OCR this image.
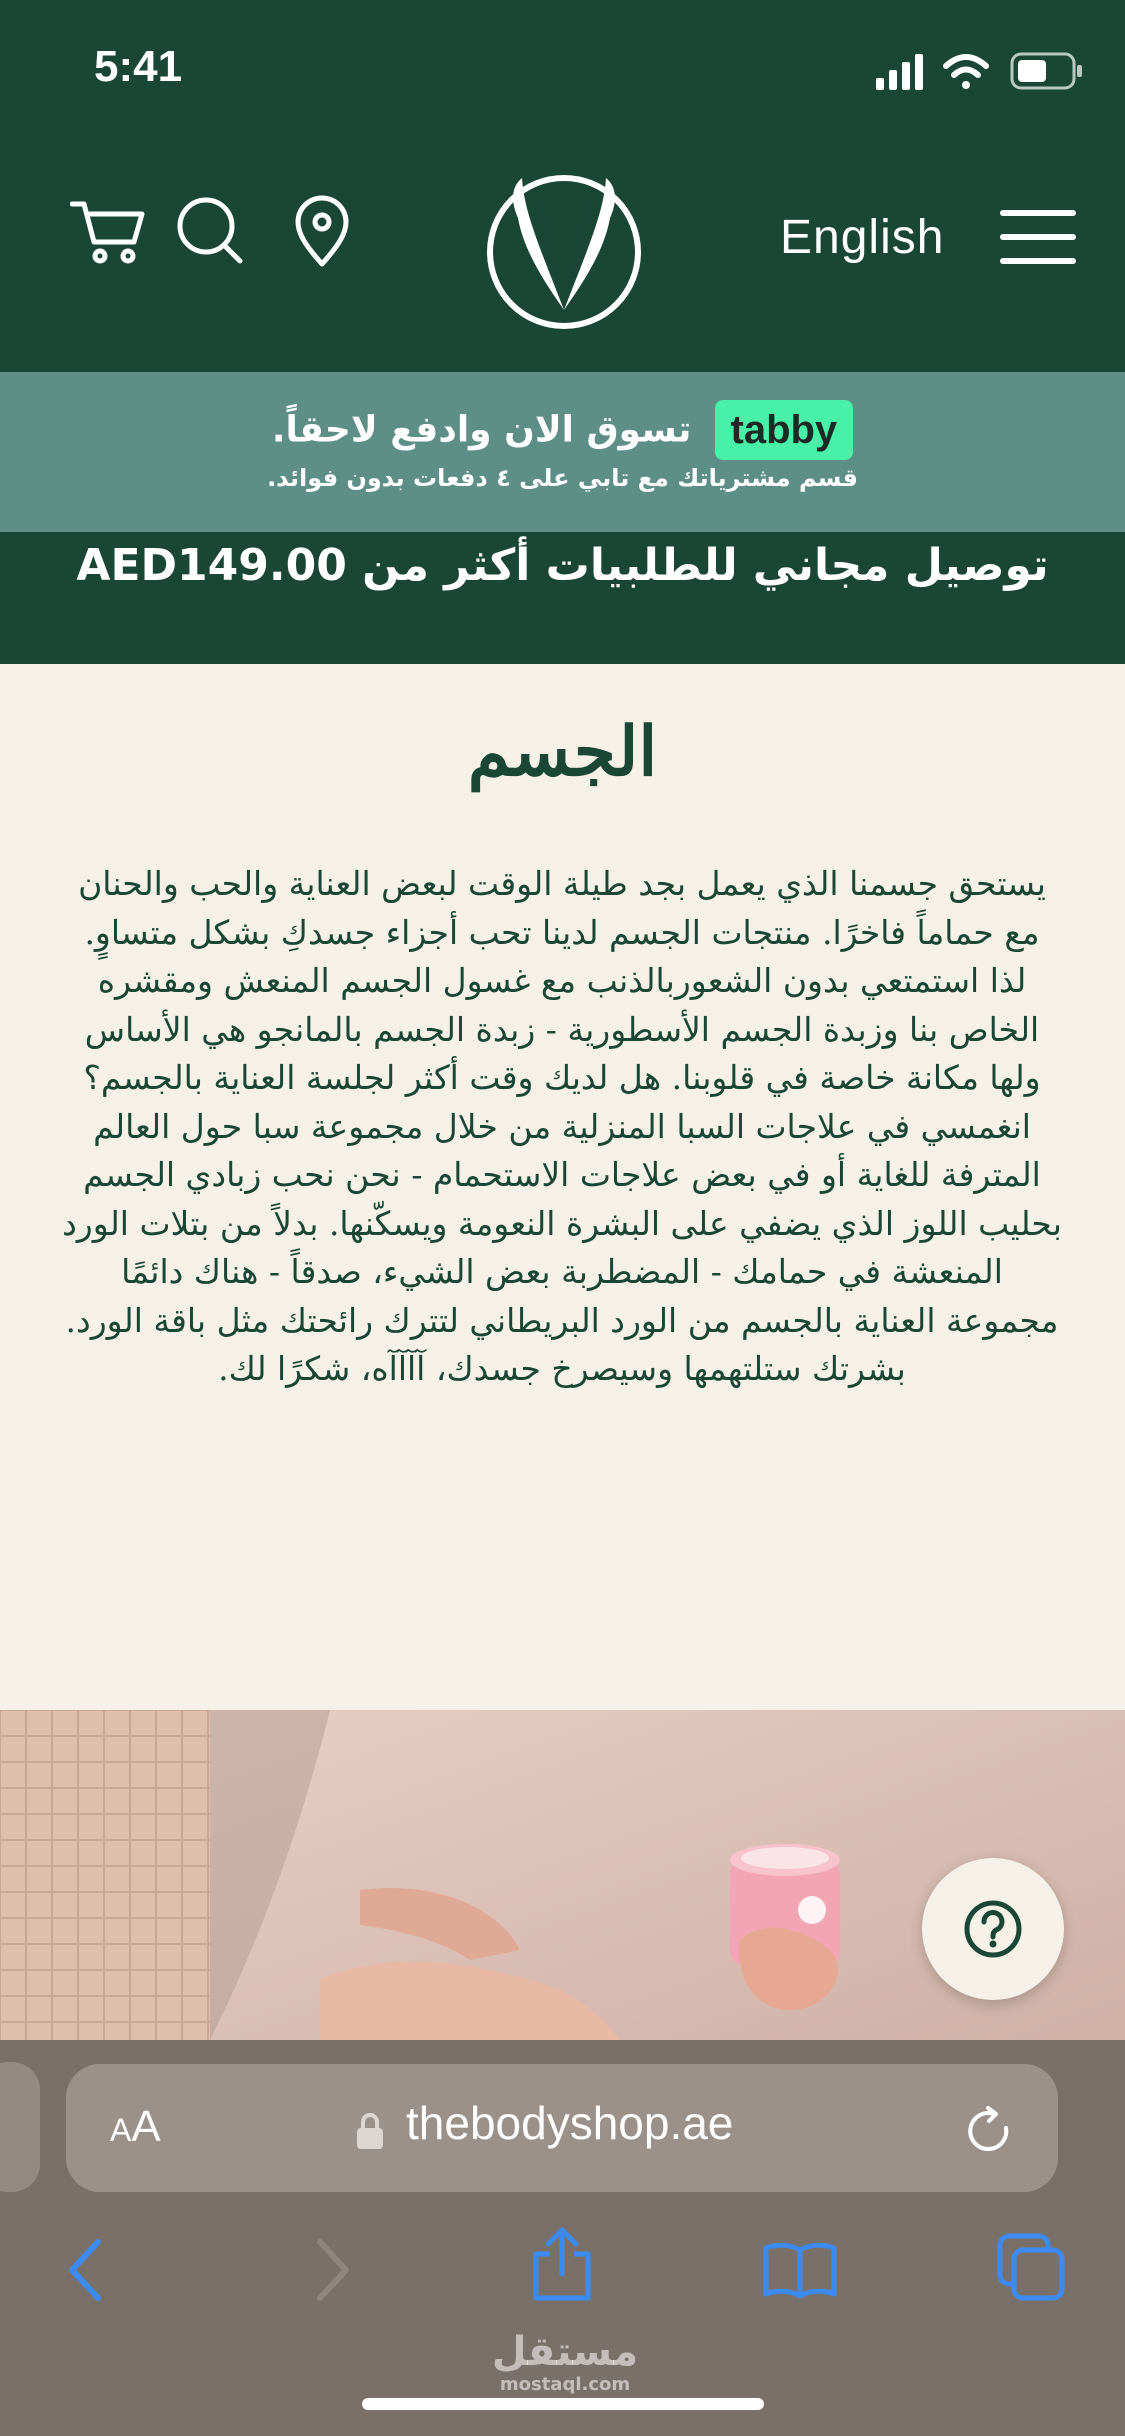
5:41
English
tabby تسوق الان وادفع لاحقاً.
قسم مشترياتك مع تابي على ٤ دفعات بدون فوائد.
توصيل مجاني للطلبيات أكثر من AED149.00
الجسم
يستحق جسمنا الذي يعمل بجد طيلة الوقت لبعض العناية والحب والحنان مع حماماً فاخرًا. منتجات الجسم لدينا تحب أجزاء جسدكِ بشكل متساوٍ. لذا استمتعي بدون الشعوربالذنب مع غسول الجسم المنعش ومقشره الخاص بنا وزبدة الجسم الأسطورية - زبدة الجسم بالمانجو هي الأساس ولها مكانة خاصة في قلوبنا. هل لديك وقت أكثر لجلسة العناية بالجسم؟ انغمسي في علاجات السبا المنزلية من خلال مجموعة سبا حول العالم المترفة للغاية أو في بعض علاجات الاستحمام - نحن نحب زبادي الجسم بحليب اللوز الذي يضفي على البشرة النعومة ويسكّنها. بدلاً من بتلات الورد المنعشة في حمامك - المضطربة بعض الشيء، صدقاً - هناك دائمًا مجموعة العناية بالجسم من الورد البريطاني لتترك رائحتك مثل باقة الورد. بشرتك ستلتهمها وسيصرخ جسدك، آآآآه، شكرًا لك.
AA	thebodyshop.ae
مستقل
mostaql.com
